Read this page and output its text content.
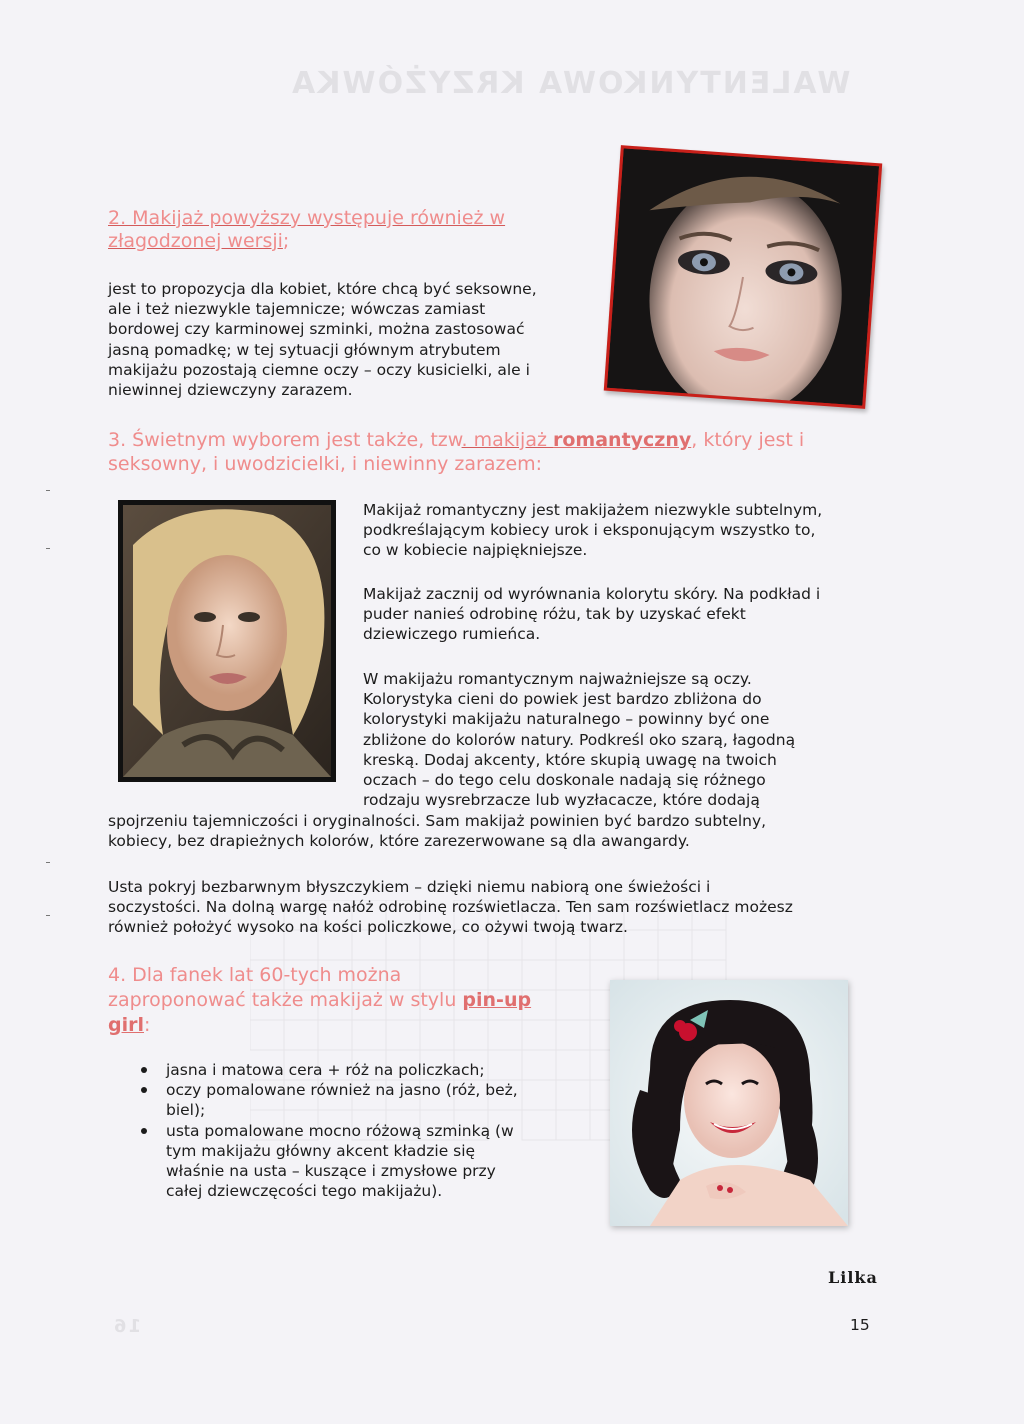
WALENTYNKOWA KRZYŻÓWKA
16
2. Makijaż powyższy występuje również w złagodzonej wersji;

jest to propozycja dla kobiet, które chcą być seksowne,

ale i też niezwykle tajemnicze; wówczas zamiast

bordowej czy karminowej szminki, można zastosować

jasną pomadkę; w tej sytuacji głównym atrybutem

makijażu pozostają ciemne oczy – oczy kusicielki, ale i

niewinnej dziewczyny zarazem.

3. Świetnym wyborem jest także, tzw. makijaż romantyczny, który jest i seksowny, i uwodzicielki, i niewinny zarazem:

Makijaż romantyczny jest makijażem niezwykle subtelnym,

podkreślającym kobiecy urok i eksponującym wszystko to,

co w kobiecie najpiękniejsze.

Makijaż zacznij od wyrównania kolorytu skóry. Na podkład i

puder nanieś odrobinę różu, tak by uzyskać efekt

dziewiczego rumieńca.

W makijażu romantycznym najważniejsze są oczy.

Kolorystyka cieni do powiek jest bardzo zbliżona do

kolorystyki makijażu naturalnego – powinny być one

zbliżone do kolorów natury. Podkreśl oko szarą, łagodną

kreską. Dodaj akcenty, które skupią uwagę na twoich

oczach – do tego celu doskonale nadają się różnego

rodzaju wysrebrzacze lub wyzłacacze, które dodają

spojrzeniu tajemniczości i oryginalności. Sam makijaż powinien być bardzo subtelny,

kobiecy, bez drapieżnych kolorów, które zarezerwowane są dla awangardy.

Usta pokryj bezbarwnym błyszczykiem – dzięki niemu nabiorą one świeżości i

soczystości. Na dolną wargę nałóż odrobinę rozświetlacza. Ten sam rozświetlacz możesz

również położyć wysoko na kości policzkowe, co ożywi twoją twarz.

4. Dla fanek lat 60-tych można
zaproponować także makijaż w stylu pin-up
girl:
jasna i matowa cera + róż na policzkach;
oczy pomalowane również na jasno (róż, beż,
biel);
usta pomalowane mocno różową szminką (w
tym makijażu główny akcent kładzie się
właśnie na usta – kuszące i zmysłowe przy
całej dziewczęcości tego makijażu).
Lilka
15
